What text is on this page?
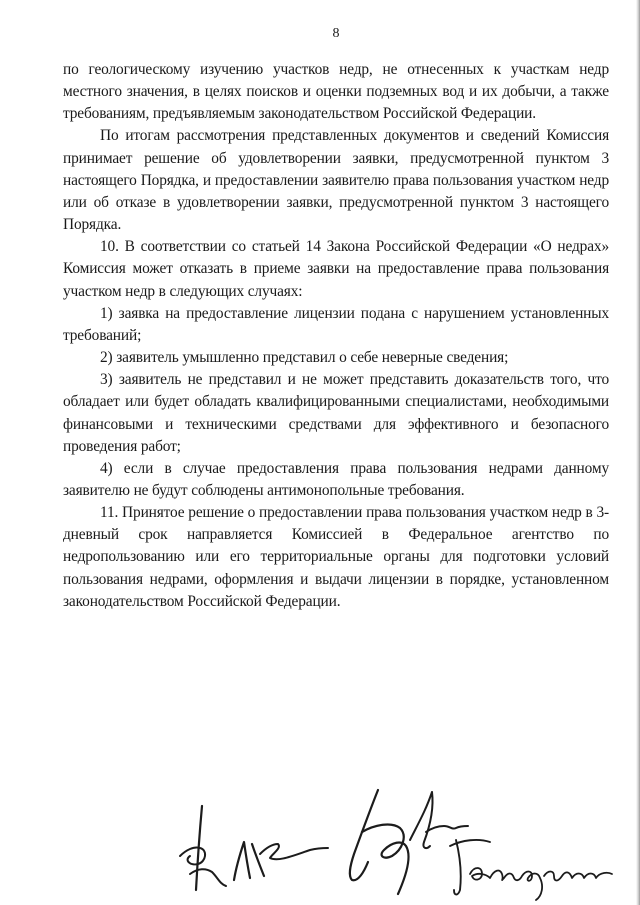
8

по геологическому изучению участков недр, не отнесенных к участкам недр местного значения, в целях поисков и оценки подземных вод и их добычи, а также требованиям, предъявляемым законодательством Российской Федерации.

По итогам рассмотрения представленных документов и сведений Комиссия принимает решение об удовлетворении заявки, предусмотренной пунктом 3 настоящего Порядка, и предоставлении заявителю права пользования участком недр или об отказе в удовлетворении заявки, предусмотренной пунктом 3 настоящего Порядка.

10. В соответствии со статьей 14 Закона Российской Федерации «О недрах» Комиссия может отказать в приеме заявки на предоставление права пользования участком недр в следующих случаях:

1) заявка на предоставление лицензии подана с нарушением установленных требований;

2) заявитель умышленно представил о себе неверные сведения;

3) заявитель не представил и не может представить доказательств того, что обладает или будет обладать квалифицированными специалистами, необходимыми финансовыми и техническими средствами для эффективного и безопасного проведения работ;

4) если в случае предоставления права пользования недрами данному заявителю не будут соблюдены антимонопольные требования.

11. Принятое решение о предоставлении права пользования участком недр в 3-дневный срок направляется Комиссией в Федеральное агентство по недропользованию или его территориальные органы для подготовки условий пользования недрами, оформления и выдачи лицензии в порядке, установленном законодательством Российской Федерации.
